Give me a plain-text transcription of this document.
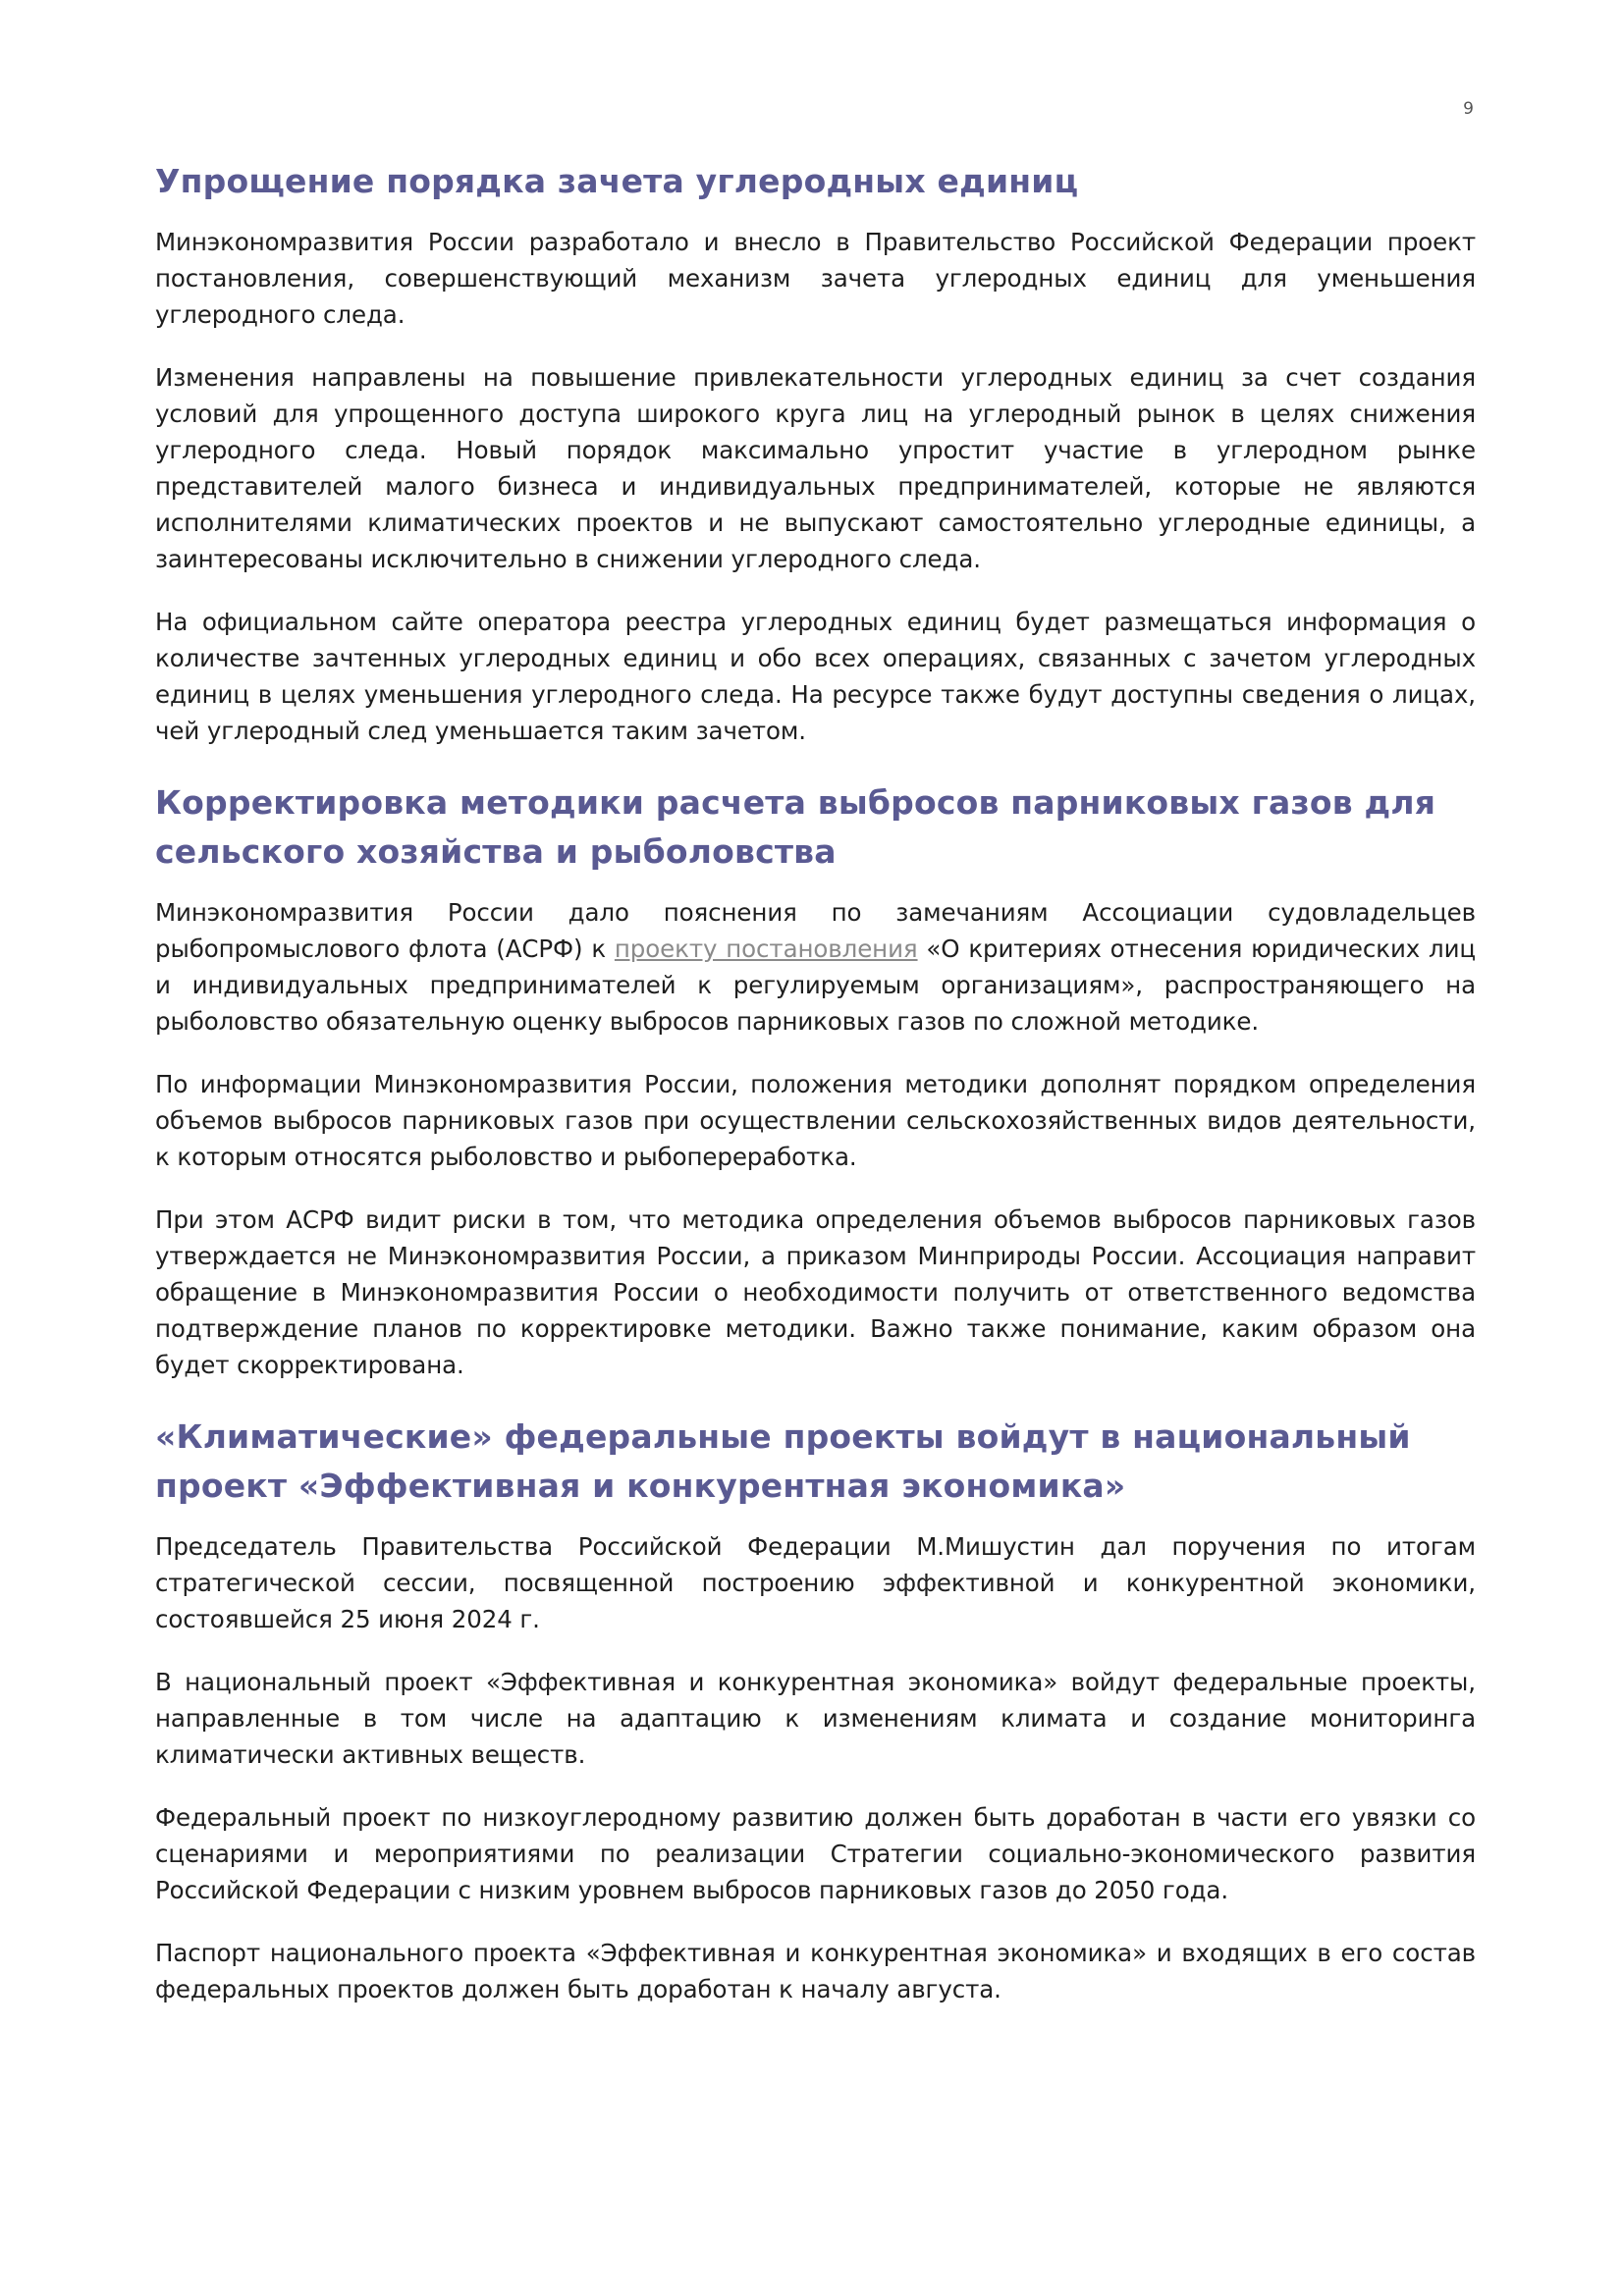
9
Упрощение порядка зачета углеродных единиц

Минэкономразвития России разработало и внесло в Правительство Российской Федерации проект постановления, совершенствующий механизм зачета углеродных единиц для уменьшения углеродного следа.

Изменения направлены на повышение привлекательности углеродных единиц за счет создания условий для упрощенного доступа широкого круга лиц на углеродный рынок в целях снижения углеродного следа. Новый порядок максимально упростит участие в углеродном рынке представителей малого бизнеса и индивидуальных предпринимателей, которые не являются исполнителями климатических проектов и не выпускают самостоятельно углеродные единицы, а заинтересованы исключительно в снижении углеродного следа.

На официальном сайте оператора реестра углеродных единиц будет размещаться информация о количестве зачтенных углеродных единиц и обо всех операциях, связанных с зачетом углеродных единиц в целях уменьшения углеродного следа. На ресурсе также будут доступны сведения о лицах, чей углеродный след уменьшается таким зачетом.

Корректировка методики расчета выбросов парниковых газов для сельского хозяйства и рыболовства

Минэкономразвития России дало пояснения по замечаниям Ассоциации судовладельцев рыбопромыслового флота (АСРФ) к проекту постановления «О критериях отнесения юридических лиц и индивидуальных предпринимателей к регулируемым организациям», распространяющего на рыболовство обязательную оценку выбросов парниковых газов по сложной методике.

По информации Минэкономразвития России, положения методики дополнят порядком определения объемов выбросов парниковых газов при осуществлении сельскохозяйственных видов деятельности, к которым относятся рыболовство и рыбопереработка.

При этом АСРФ видит риски в том, что методика определения объемов выбросов парниковых газов утверждается не Минэкономразвития России, а приказом Минприроды России. Ассоциация направит обращение в Минэкономразвития России о необходимости получить от ответственного ведомства подтверждение планов по корректировке методики. Важно также понимание, каким образом она будет скорректирована.

«Климатические» федеральные проекты войдут в национальный проект «Эффективная и конкурентная экономика»

Председатель Правительства Российской Федерации М.Мишустин дал поручения по итогам стратегической сессии, посвященной построению эффективной и конкурентной экономики, состоявшейся 25 июня 2024 г.

В национальный проект «Эффективная и конкурентная экономика» войдут федеральные проекты, направленные в том числе на адаптацию к изменениям климата и создание мониторинга климатически активных веществ.

Федеральный проект по низкоуглеродному развитию должен быть доработан в части его увязки со сценариями и мероприятиями по реализации Стратегии социально-экономического развития Российской Федерации с низким уровнем выбросов парниковых газов до 2050 года.

Паспорт национального проекта «Эффективная и конкурентная экономика» и входящих в его состав федеральных проектов должен быть доработан к началу августа.
